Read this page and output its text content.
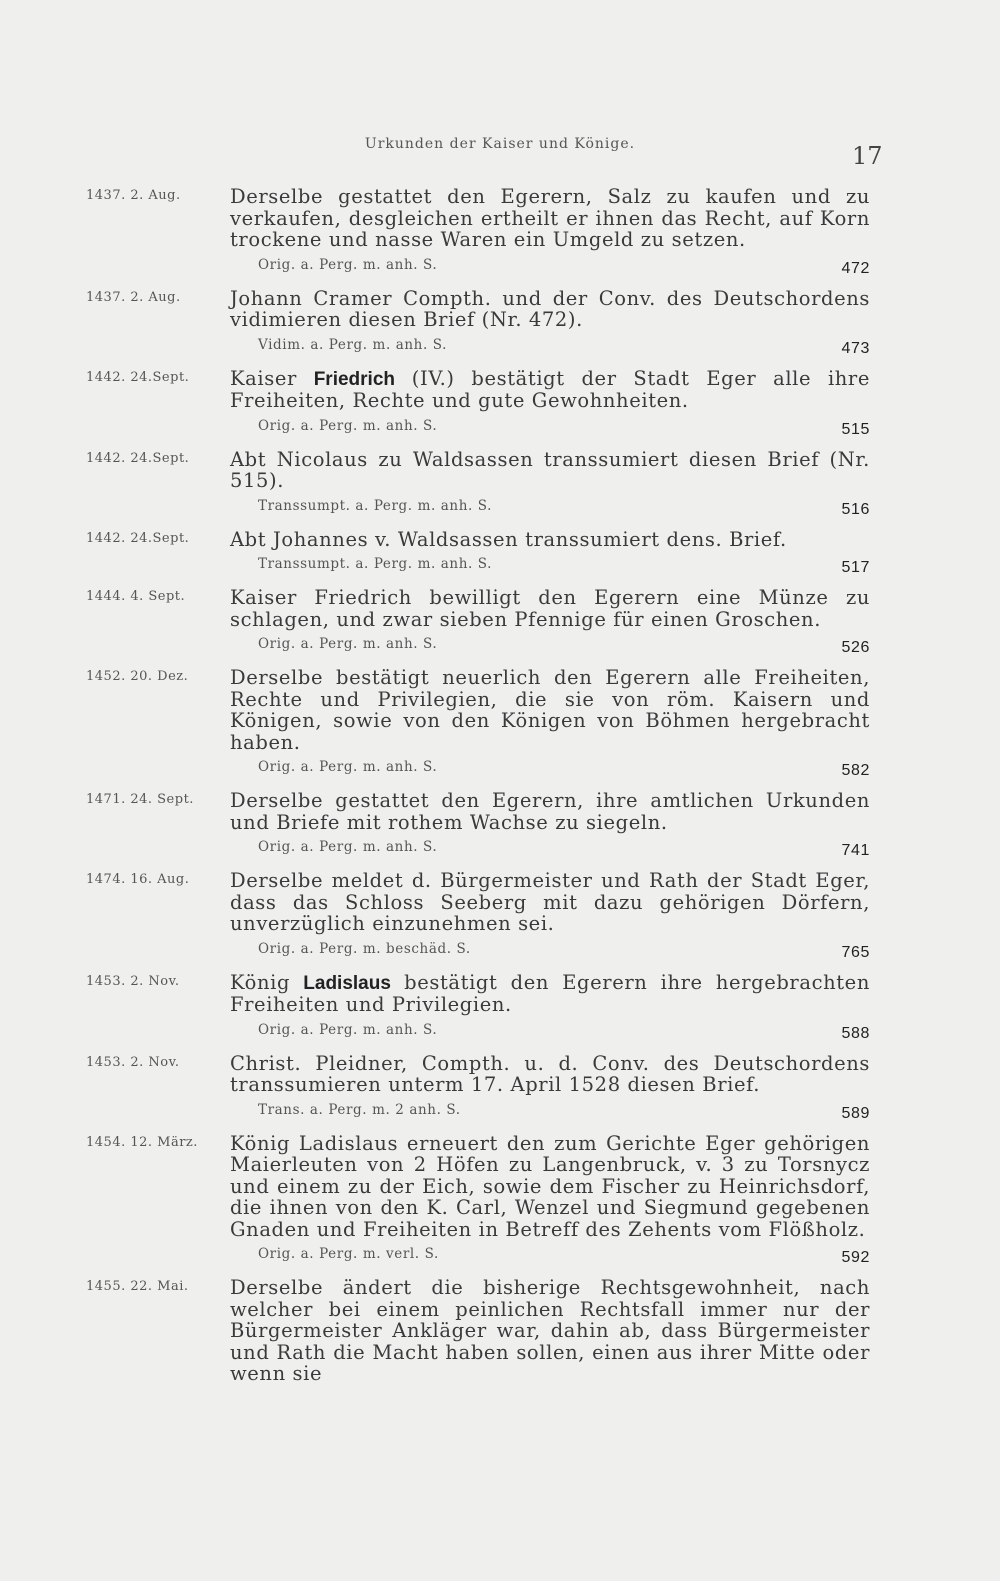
Urkunden der Kaiser und Könige.	17
1437. 2. Aug.	Derselbe gestattet den Egerern, Salz zu kaufen und zu verkaufen, desgleichen ertheilt er ihnen das Recht, auf Korn trockene und nasse Waren ein Umgeld zu setzen.
Orig. a. Perg. m. anh. S.	472
1437. 2. Aug.	Johann Cramer Compth. und der Conv. des Deutschordens vidimieren diesen Brief (Nr. 472).
Vidim. a. Perg. m. anh. S.	473
1442. 24.Sept.	Kaiser Friedrich (IV.) bestätigt der Stadt Eger alle ihre Freiheiten, Rechte und gute Gewohnheiten.
Orig. a. Perg. m. anh. S.	515
1442. 24.Sept.	Abt Nicolaus zu Waldsassen transsumiert diesen Brief (Nr. 515).
Transsumpt. a. Perg. m. anh. S.	516
1442. 24.Sept.	Abt Johannes v. Waldsassen transsumiert dens. Brief.
Transsumpt. a. Perg. m. anh. S.	517
1444. 4. Sept.	Kaiser Friedrich bewilligt den Egerern eine Münze zu schlagen, und zwar sieben Pfennige für einen Groschen.
Orig. a. Perg. m. anh. S.	526
1452. 20. Dez.	Derselbe bestätigt neuerlich den Egerern alle Freiheiten, Rechte und Privilegien, die sie von röm. Kaisern und Königen, sowie von den Königen von Böhmen hergebracht haben.
Orig. a. Perg. m. anh. S.	582
1471. 24. Sept.	Derselbe gestattet den Egerern, ihre amtlichen Urkunden und Briefe mit rothem Wachse zu siegeln.
Orig. a. Perg. m. anh. S.	741
1474. 16. Aug.	Derselbe meldet d. Bürgermeister und Rath der Stadt Eger, dass das Schloss Seeberg mit dazu gehörigen Dörfern, unverzüglich einzunehmen sei.
Orig. a. Perg. m. beschäd. S.	765
1453. 2. Nov.	König Ladislaus bestätigt den Egerern ihre hergebrachten Freiheiten und Privilegien.
Orig. a. Perg. m. anh. S.	588
1453. 2. Nov.	Christ. Pleidner, Compth. u. d. Conv. des Deutschordens transsumieren unterm 17. April 1528 diesen Brief.
Trans. a. Perg. m. 2 anh. S.	589
1454. 12. März.	König Ladislaus erneuert den zum Gerichte Eger gehörigen Maierleuten von 2 Höfen zu Langenbruck, v. 3 zu Torsnycz und einem zu der Eich, sowie dem Fischer zu Heinrichsdorf, die ihnen von den K. Carl, Wenzel und Siegmund gegebenen Gnaden und Freiheiten in Betreff des Zehents vom Flößholz.
Orig. a. Perg. m. verl. S.	592
1455. 22. Mai.	Derselbe ändert die bisherige Rechtsgewohnheit, nach welcher bei einem peinlichen Rechtsfall immer nur der Bürgermeister Ankläger war, dahin ab, dass Bürgermeister und Rath die Macht haben sollen, einen aus ihrer Mitte oder wenn sie
